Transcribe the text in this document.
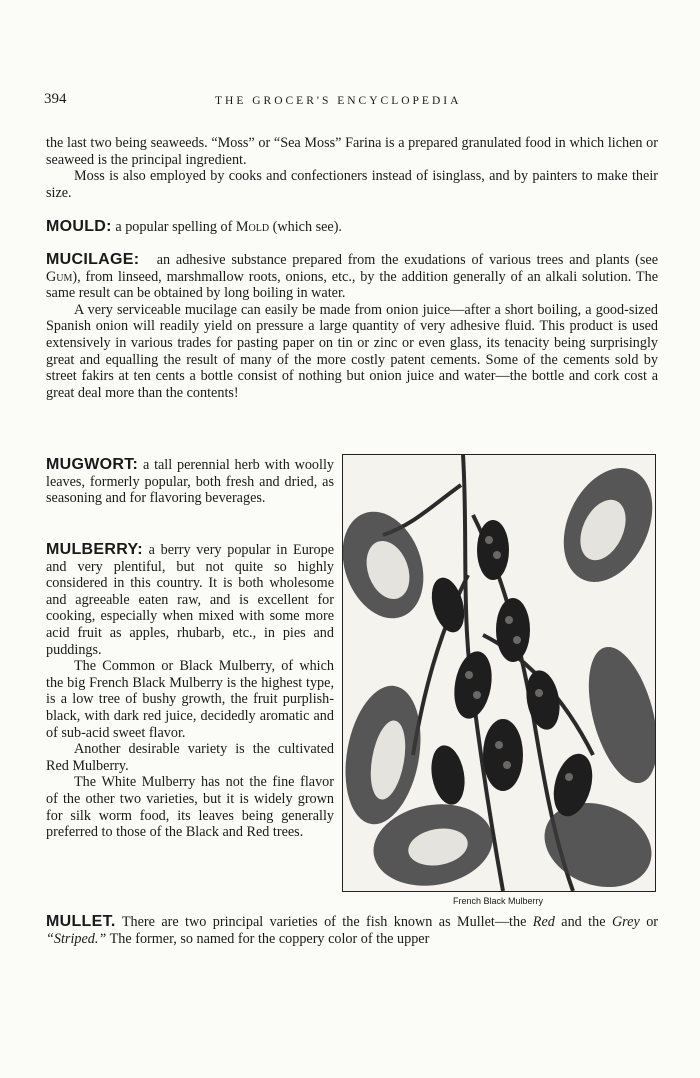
394	THE GROCER'S ENCYCLOPEDIA

the last two being seaweeds. “Moss” or “Sea Moss” Farina is a prepared granulated food in which lichen or seaweed is the principal ingredient.

Moss is also employed by cooks and confectioners instead of isinglass, and by painters to make their size.

MOULD: a popular spelling of Mold (which see).

MUCILAGE: an adhesive substance prepared from the exudations of various trees and plants (see Gum), from linseed, marshmallow roots, onions, etc., by the addition generally of an alkali solution. The same result can be obtained by long boiling in water.

A very serviceable mucilage can easily be made from onion juice—after a short boiling, a good-sized Spanish onion will readily yield on pressure a large quantity of very adhesive fluid. This product is used extensively in various trades for pasting paper on tin or zinc or even glass, its tenacity being surprisingly great and equalling the result of many of the more costly patent cements. Some of the cements sold by street fakirs at ten cents a bottle consist of nothing but onion juice and water—the bottle and cork cost a great deal more than the contents!

MUGWORT: a tall perennial herb with woolly leaves, formerly popular, both fresh and dried, as seasoning and for flavoring beverages.

MULBERRY: a berry very popular in Europe and very plentiful, but not quite so highly considered in this country. It is both wholesome and agreeable eaten raw, and is excellent for cooking, especially when mixed with some more acid fruit as apples, rhubarb, etc., in pies and puddings.

The Common or Black Mulberry, of which the big French Black Mulberry is the highest type, is a low tree of bushy growth, the fruit purplish-black, with dark red juice, decidedly aromatic and of sub-acid sweet flavor.

Another desirable variety is the cultivated Red Mulberry.

The White Mulberry has not the fine flavor of the other two varieties, but it is widely grown for silk worm food, its leaves being generally preferred to those of the Black and Red trees.

French Black Mulberry
MULLET. There are two principal varieties of the fish known as Mullet—the Red and the Grey or “Striped.” The former, so named for the coppery color of the upper
